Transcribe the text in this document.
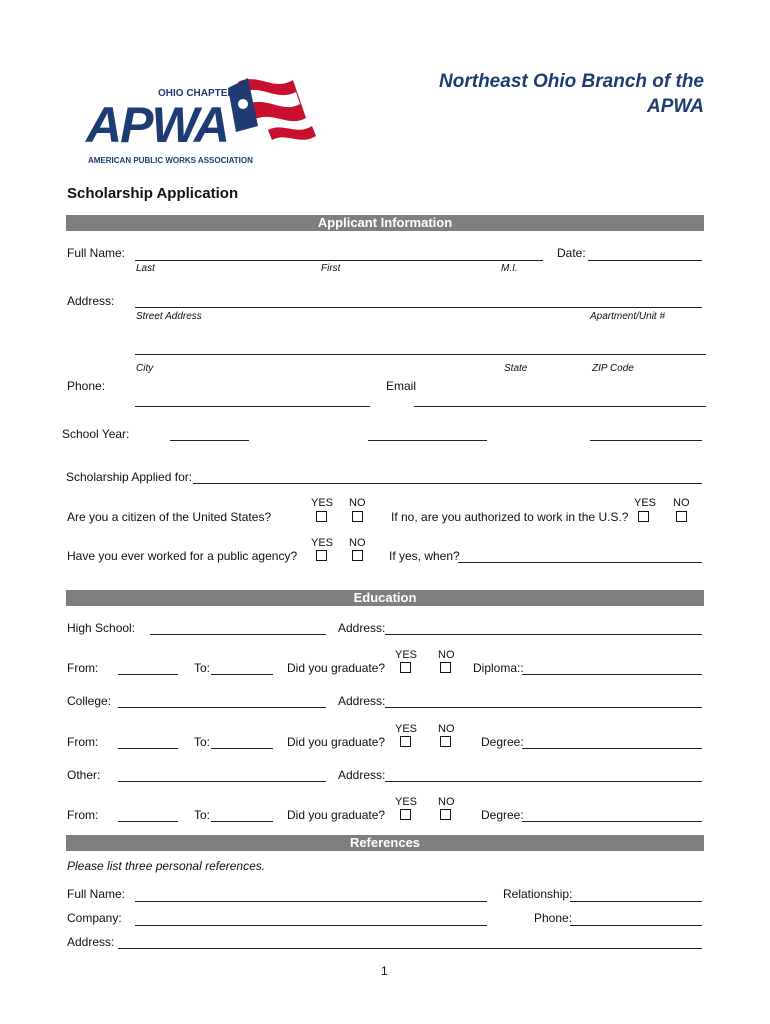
OHIO CHAPTER
APWA
AMERICAN PUBLIC WORKS ASSOCIATION
Northeast Ohio Branch of the
APWA
Scholarship Application
Applicant Information
Full Name:	Date:
Last	First	M.I.
Address:
Street Address	Apartment/Unit #
City	State	ZIP Code
Phone:	Email
School Year:
Scholarship Applied for:
YES NO	YES NO
Are you a citizen of the United States?	If no, are you authorized to work in the U.S.?
YES NO
Have you ever worked for a public agency?	If yes, when?
Education
High School:	Address:
YES NO
From:	To:	Did you graduate?	Diploma::
College:	Address:
YES NO
From:	To:	Did you graduate?	Degree:
Other:	Address:
YES NO
From:	To:	Did you graduate?	Degree:
References
Please list three personal references.
Full Name:	Relationship:
Company:	Phone:
Address:
1
